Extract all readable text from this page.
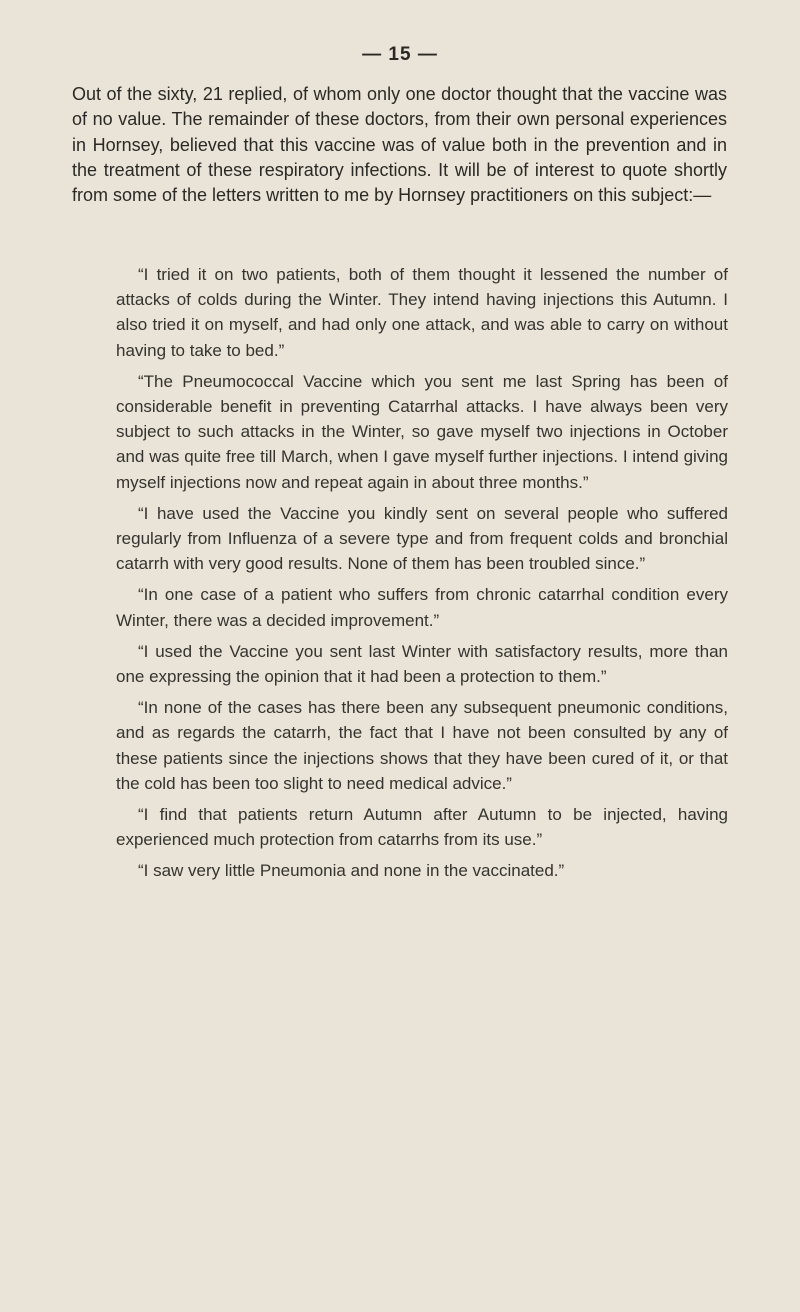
— 15 —

Out of the sixty, 21 replied, of whom only one doctor thought that the vaccine was of no value. The remainder of these doctors, from their own personal experiences in Hornsey, believed that this vaccine was of value both in the prevention and in the treatment of these respiratory infections. It will be of interest to quote shortly from some of the letters written to me by Hornsey practitioners on this subject:—

“I tried it on two patients, both of them thought it lessened the number of attacks of colds during the Winter. They intend having injections this Autumn. I also tried it on myself, and had only one attack, and was able to carry on without having to take to bed.”

“The Pneumococcal Vaccine which you sent me last Spring has been of considerable benefit in preventing Catarrhal attacks. I have always been very subject to such attacks in the Winter, so gave myself two injections in October and was quite free till March, when I gave myself further injections. I intend giving myself injections now and repeat again in about three months.”

“I have used the Vaccine you kindly sent on several people who suffered regularly from Influenza of a severe type and from frequent colds and bronchial catarrh with very good results. None of them has been troubled since.”

“In one case of a patient who suffers from chronic catarrhal condition every Winter, there was a decided improvement.”

“I used the Vaccine you sent last Winter with satisfactory results, more than one expressing the opinion that it had been a protection to them.”

“In none of the cases has there been any subsequent pneumonic conditions, and as regards the catarrh, the fact that I have not been consulted by any of these patients since the injections shows that they have been cured of it, or that the cold has been too slight to need medical advice.”

“I find that patients return Autumn after Autumn to be injected, having experienced much protection from catarrhs from its use.”

“I saw very little Pneumonia and none in the vaccinated.”
